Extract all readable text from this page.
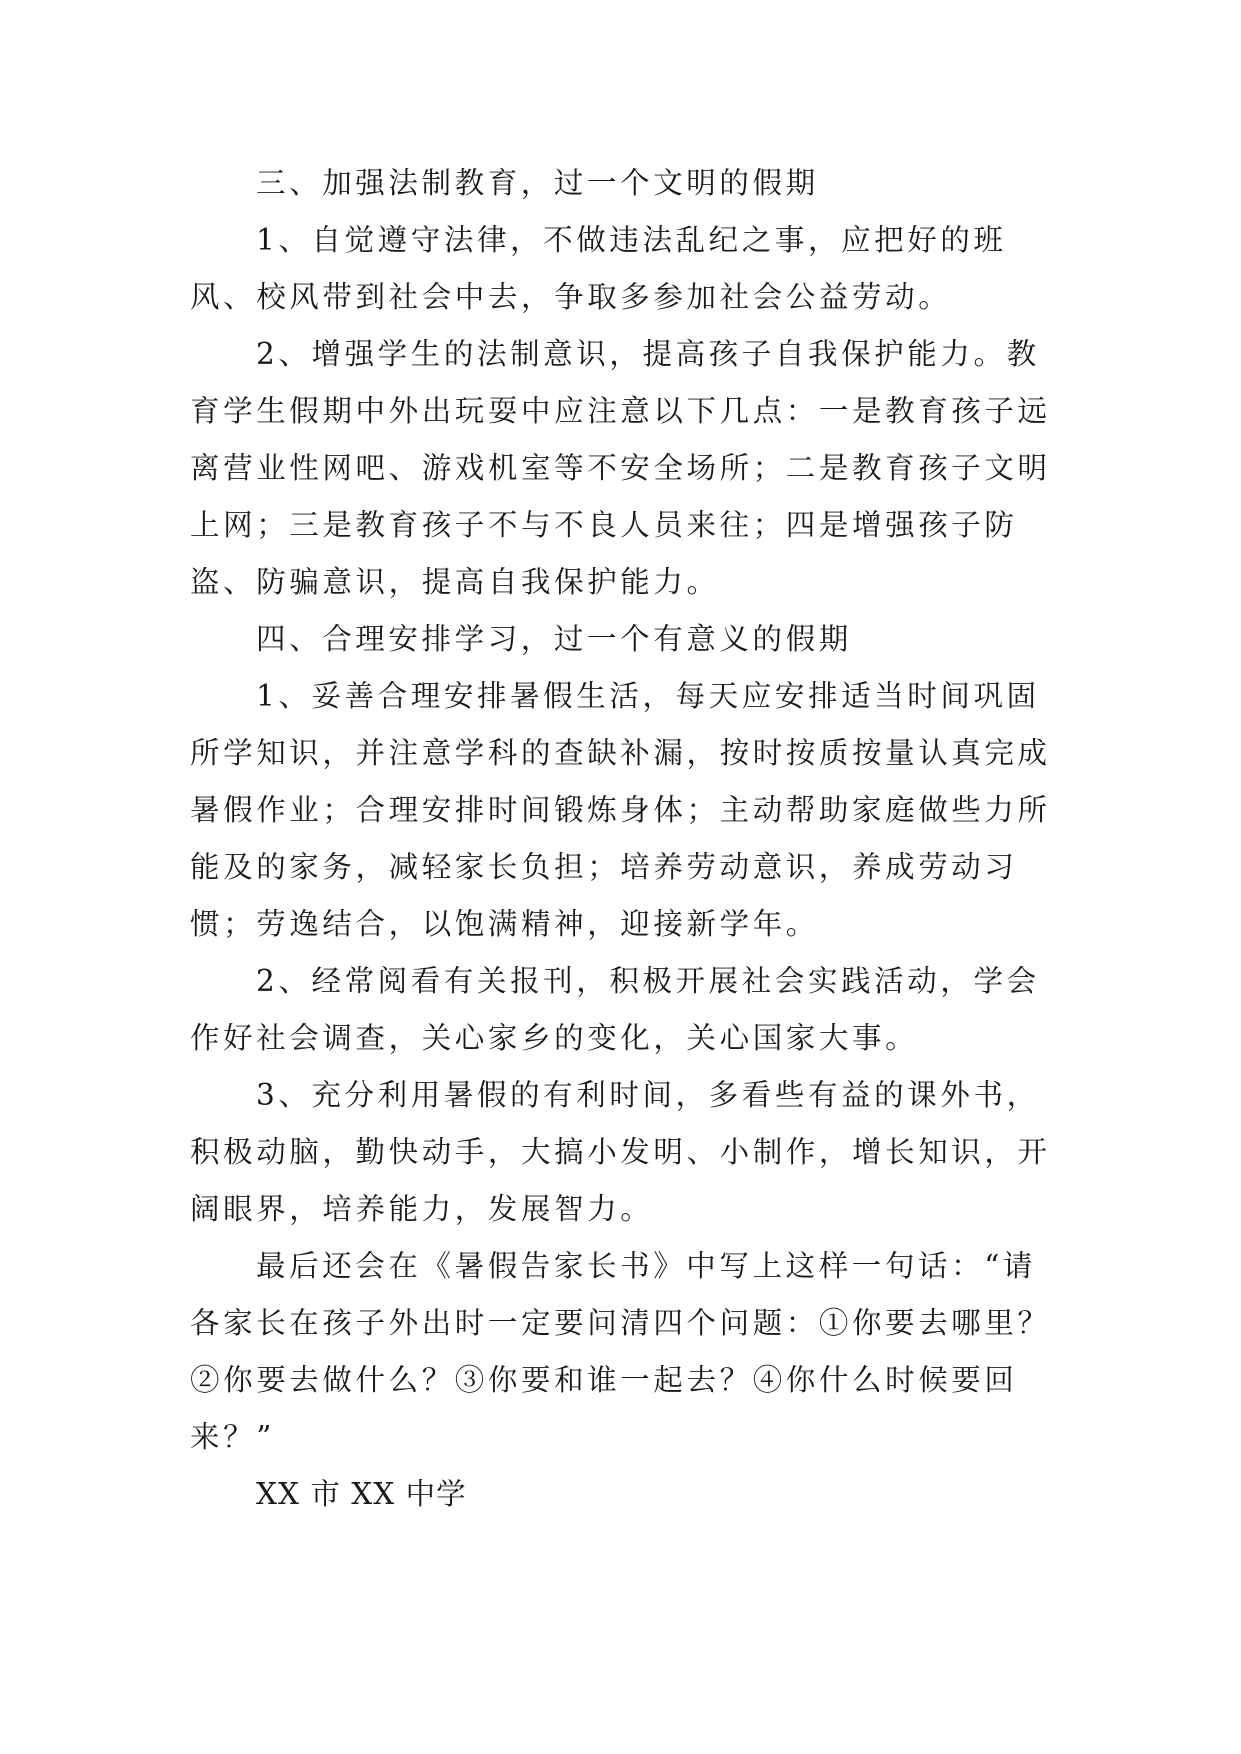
三、加强法制教育，过一个文明的假期

1、自觉遵守法律，不做违法乱纪之事，应把好的班风、校风带到社会中去，争取多参加社会公益劳动。

2、增强学生的法制意识，提高孩子自我保护能力。教育学生假期中外出玩耍中应注意以下几点：一是教育孩子远离营业性网吧、游戏机室等不安全场所；二是教育孩子文明上网；三是教育孩子不与不良人员来往；四是增强孩子防盗、防骗意识，提高自我保护能力。

四、合理安排学习，过一个有意义的假期

1、妥善合理安排暑假生活，每天应安排适当时间巩固所学知识，并注意学科的查缺补漏，按时按质按量认真完成暑假作业；合理安排时间锻炼身体；主动帮助家庭做些力所能及的家务，减轻家长负担；培养劳动意识，养成劳动习惯；劳逸结合，以饱满精神，迎接新学年。

2、经常阅看有关报刊，积极开展社会实践活动，学会作好社会调查，关心家乡的变化，关心国家大事。

3、充分利用暑假的有利时间，多看些有益的课外书，积极动脑，勤快动手，大搞小发明、小制作，增长知识，开阔眼界，培养能力，发展智力。

最后还会在《暑假告家长书》中写上这样一句话：“请各家长在孩子外出时一定要问清四个问题：①你要去哪里？②你要去做什么？③你要和谁一起去？④你什么时候要回来？”

XX 市 XX 中学
